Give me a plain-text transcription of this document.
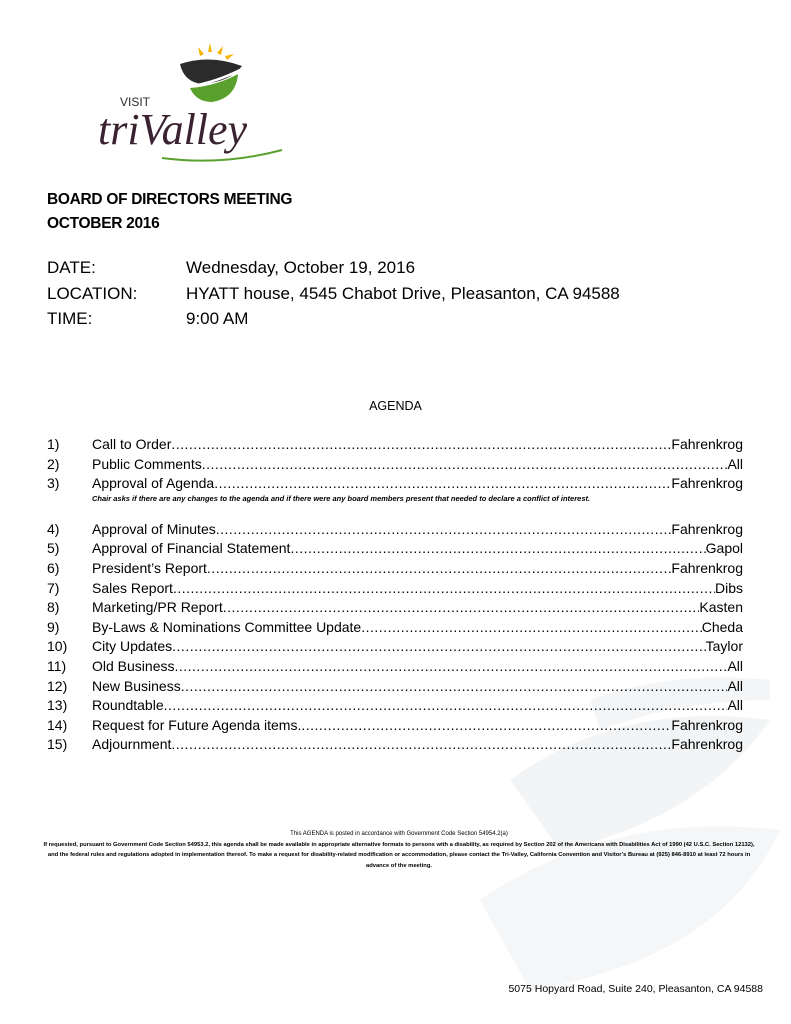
VISIT
triValley
BOARD OF DIRECTORS MEETING
OCTOBER 2016
DATE:	Wednesday, October 19, 2016
LOCATION:	HYATT house, 4545 Chabot Drive, Pleasanton, CA 94588
TIME:	9:00 AM
AGENDA
1) Call to Order .....	Fahrenkrog
2) Public Comments .....	All
3) Approval of Agenda .....	Fahrenkrog
Chair asks if there are any changes to the agenda and if there were any board members present that needed to declare a conflict of interest.
4) Approval of Minutes .....	Fahrenkrog
5) Approval of Financial Statement .....	Gapol
6) President’s Report .....	Fahrenkrog
7) Sales Report .....	Dibs
8) Marketing/PR Report .....	Kasten
9) By-Laws & Nominations Committee Update .....	Cheda
10) City Updates .....	Taylor
11) Old Business .....	All
12) New Business .....	All
13) Roundtable .....	All
14) Request for Future Agenda items. .....	Fahrenkrog
15) Adjournment .....	Fahrenkrog
This AGENDA is posted in accordance with Government Code Section 54954.2(a)
If requested, pursuant to Government Code Section 54953.2, this agenda shall be made available in appropriate alternative formats to persons with a disability, as required by Section 202 of the Americans with Disabilities Act of 1990 (42 U.S.C. Section 12132), and the federal rules and regulations adopted in implementation thereof. To make a request for disability-related modification or accommodation, please contact the Tri-Valley, California Convention and Visitor’s Bureau at (925) 846-8910 at least 72 hours in advance of the meeting.
5075 Hopyard Road, Suite 240, Pleasanton, CA 94588
